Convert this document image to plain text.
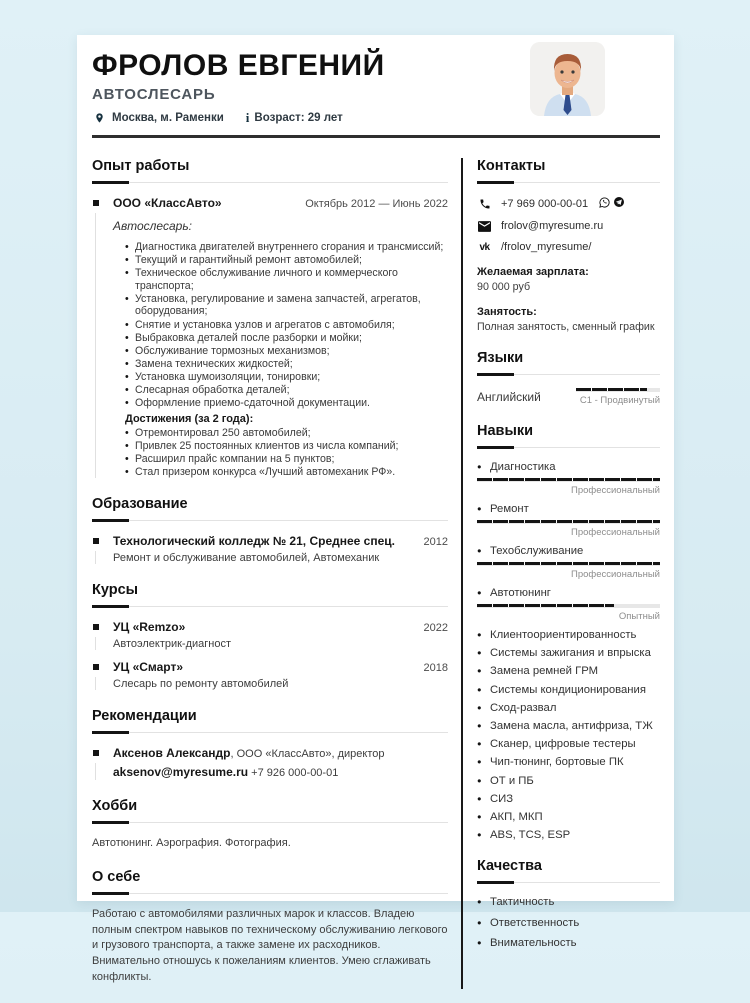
ФРОЛОВ ЕВГЕНИЙ
АВТОСЛЕСАРЬ
Москва, м. Раменки i Возраст: 29 лет
Опыт работы
ООО «КлассАвто»	Октябрь 2012 — Июнь 2022
Автослесарь:
• Диагностика двигателей внутреннего сгорания и трансмиссий;
• Текущий и гарантийный ремонт автомобилей;
• Техническое обслуживание личного и коммерческого транспорта;
• Установка, регулирование и замена запчастей, агрегатов, оборудования;
• Снятие и установка узлов и агрегатов с автомобиля;
• Выбраковка деталей после разборки и мойки;
• Обслуживание тормозных механизмов;
• Замена технических жидкостей;
• Установка шумоизоляции, тонировки;
• Слесарная обработка деталей;
• Оформление приемо-сдаточной документации.
Достижения (за 2 года):
• Отремонтировал 250 автомобилей;
• Привлек 25 постоянных клиентов из числа компаний;
• Расширил прайс компании на 5 пунктов;
• Стал призером конкурса «Лучший автомеханик РФ».
Образование
Технологический колледж № 21, Среднее спец.	2012
Ремонт и обслуживание автомобилей, Автомеханик
Курсы
УЦ «Remzo»	2022
Автоэлектрик-диагност
УЦ «Смарт»	2018
Слесарь по ремонту автомобилей
Рекомендации
Аксенов Александр, ООО «КлассАвто», директор
aksenov@myresume.ru +7 926 000-00-01
Хобби
Автотюнинг. Аэрография. Фотография.
О себе
Работаю с автомобилями различных марок и классов. Владею полным спектром навыков по техническому обслуживанию легкового и грузового транспорта, а также замене их расходников. Внимательно отношусь к пожеланиям клиентов. Умею сглаживать конфликты.
Контакты
+7 969 000-00-01
frolov@myresume.ru
vk /frolov_myresume/
Желаемая зарплата:
90 000 руб
Занятость:
Полная занятость, сменный график
Языки
Английский	C1 - Продвинутый
Навыки
● Диагностика
Профессиональный
● Ремонт
Профессиональный
● Техобслуживание
Профессиональный
● Автотюнинг
Опытный
● Клиентоориентированность
● Системы зажигания и впрыска
● Замена ремней ГРМ
● Системы кондиционирования
● Сход-развал
● Замена масла, антифриза, ТЖ
● Сканер, цифровые тестеры
● Чип-тюнинг, бортовые ПК
● ОТ и ПБ
● СИЗ
● АКП, МКП
● ABS, TCS, ESP
Качества
● Тактичность
● Ответственность
● Внимательность
